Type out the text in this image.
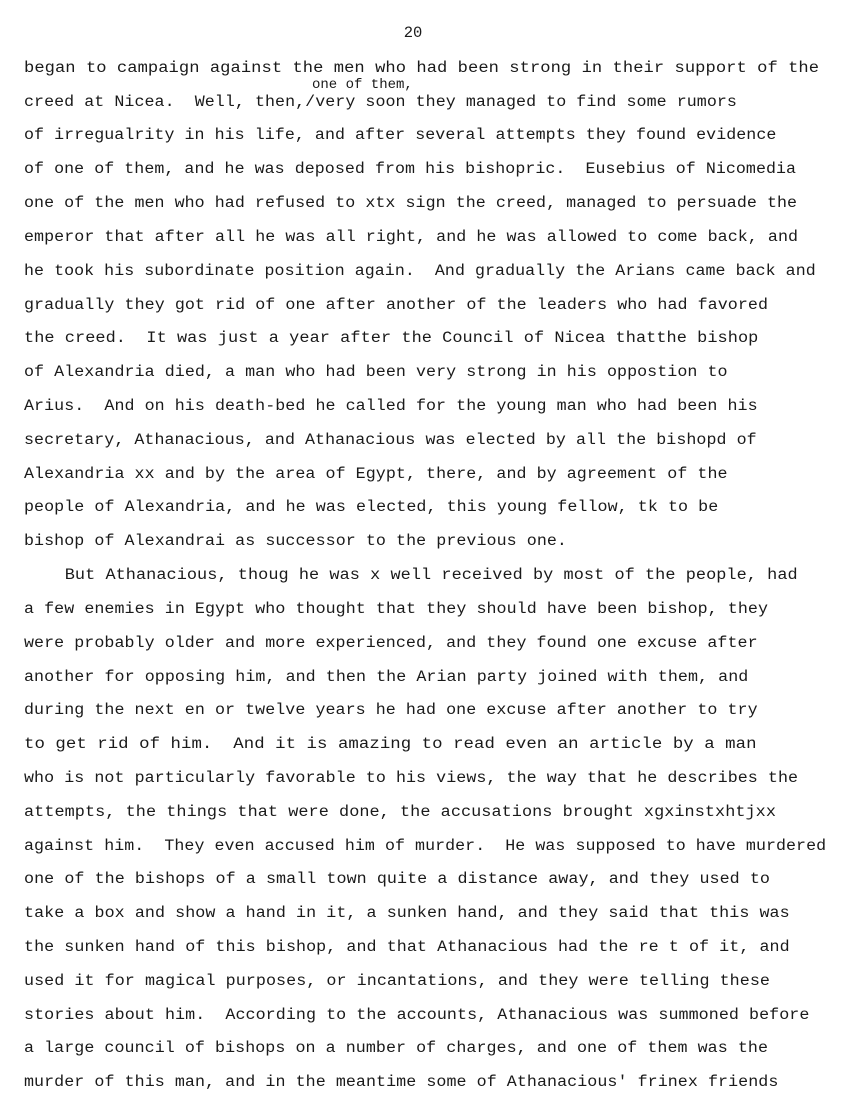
20
one of them,
began to campaign against the men who had been strong in their support of the
creed at Nicea.  Well, then,/very soon they managed to find some rumors
of irregualrity in his life, and after several attempts they found evidence
of one of them, and he was deposed from his bishopric.  Eusebius of Nicomedia
one of the men who had refused to xtx sign the creed, managed to persuade the
emperor that after all he was all right, and he was allowed to come back, and
he took his subordinate position again.  And gradually the Arians came back and
gradually they got rid of one after another of the leaders who had favored
the creed.  It was just a year after the Council of Nicea thatthe bishop
of Alexandria died, a man who had been very strong in his oppostion to
Arius.  And on his death-bed he called for the young man who had been his
secretary, Athanacious, and Athanacious was elected by all the bishopd of
Alexandria xx and by the area of Egypt, there, and by agreement of the
people of Alexandria, and he was elected, this young fellow, tk to be
bishop of Alexandrai as successor to the previous one.
But Athanacious, thoug he was x well received by most of the people, had
a few enemies in Egypt who thought that they should have been bishop, they
were probably older and more experienced, and they found one excuse after
another for opposing him, and then the Arian party joined with them, and
during the next en or twelve years he had one excuse after another to try
to get rid of him.  And it is amazing to read even an article by a man
who is not particularly favorable to his views, the way that he describes the
attempts, the things that were done, the accusations brought xgxinstxhtjxx
against him.  They even accused him of murder.  He was supposed to have murdered
one of the bishops of a small town quite a distance away, and they used to
take a box and show a hand in it, a sunken hand, and they said that this was
the sunken hand of this bishop, and that Athanacious had the re t of it, and
used it for magical purposes, or incantations, and they were telling these
stories about him.  According to the accounts, Athanacious was summoned before
a large council of bishops on a number of charges, and one of them was the
murder of this man, and in the meantime some of Athanacious' frinex friends
